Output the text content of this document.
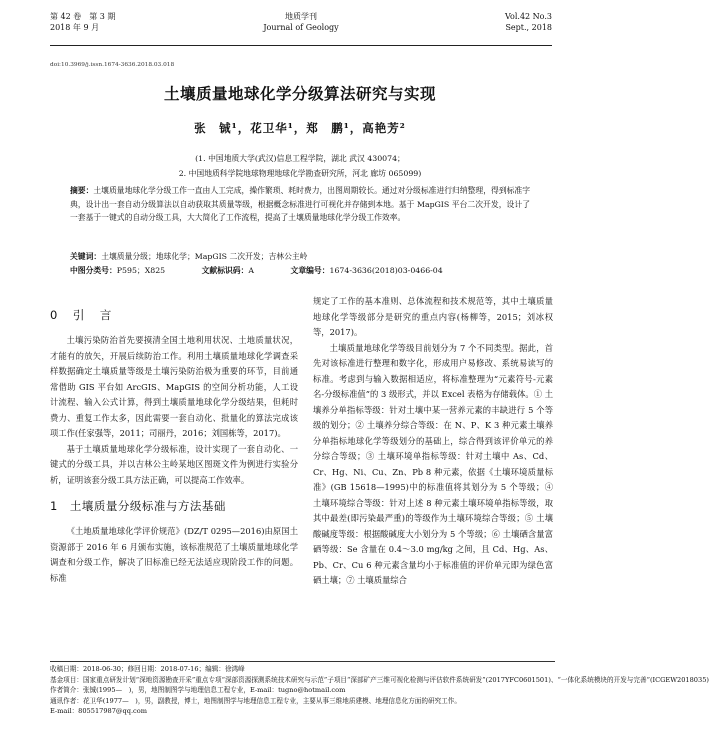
第 42 卷　第 3 期
2018 年 9 月
地质学刊
Journal of Geology
Vol.42 No.3
Sept., 2018
doi:10.3969/j.issn.1674-3636.2018.03.018
土壤质量地球化学分级算法研究与实现
张　铖¹，花卫华¹，郑　鹏¹，高艳芳²
(1. 中国地质大学(武汉)信息工程学院，湖北 武汉 430074；
2. 中国地质科学院地球物理地球化学勘查研究所，河北 廊坊 065099)
摘要：土壤质量地球化学分级工作一直由人工完成，操作繁琐、耗时费力，出图周期较长。通过对分级标准进行归纳整理，得到标准字典，设计出一套自动分级算法以自动获取其质量等级，根据概念标准进行可视化并存储到本地。基于 MapGIS 平台二次开发，设计了一套基于一键式的自动分级工具，大大简化了工作流程，提高了土壤质量地球化学分级工作效率。
关键词：土壤质量分级；地球化学；MapGIS 二次开发；吉林公主岭
中图分类号：P595；X825	文献标识码：A	文章编号：1674-3636(2018)03-0466-04
0　引　言

土壤污染防治首先要摸清全国土地利用状况、土地质量状况，才能有的放矢，开展后续防治工作。利用土壤质量地球化学调查采样数据确定土壤质量等级是土壤污染防治极为重要的环节，目前通常借助 GIS 平台如 ArcGIS、MapGIS 的空间分析功能，人工设计流程、输入公式计算，得到土壤质量地球化学分级结果，但耗时费力、重复工作太多，因此需要一套自动化、批量化的算法完成该项工作(任家强等，2011；司丽丹，2016；刘国栋等，2017)。

基于土壤质量地球化学分级标准，设计实现了一套自动化、一键式的分级工具，并以吉林公主岭某地区图斑文件为例进行实验分析，证明该套分级工具方法正确，可以提高工作效率。

1　土壤质量分级标准与方法基础

《土地质量地球化学评价规范》(DZ/T 0295—2016)由原国土资源部于 2016 年 6 月颁布实施，该标准规范了土壤质量地球化学调查和分级工作，解决了旧标准已经无法适应现阶段工作的问题。标准

规定了工作的基本准则、总体流程和技术规范等，其中土壤质量地球化学等级部分是研究的重点内容(杨柳等，2015；刘冰权等，2017)。

土壤质量地球化学等级目前划分为 7 个不同类型。据此，首先对该标准进行整理和数字化，形成用户易修改、系统易读写的标准。考虑到与输入数据相适应，将标准整理为“元素符号-元素名-分级标准值”的 3 级形式，并以 Excel 表格为存储载体。① 土壤养分单指标等级：针对土壤中某一营养元素的丰缺进行 5 个等级的划分；② 土壤养分综合等级：在 N、P、K 3 种元素土壤养分单指标地球化学等级划分的基础上，综合得到该评价单元的养分综合等级；③ 土壤环境单指标等级：针对土壤中 As、Cd、Cr、Hg、Ni、Cu、Zn、Pb 8 种元素，依据《土壤环境质量标准》(GB 15618—1995)中的标准值将其划分为 5 个等级；④ 土壤环境综合等级：针对上述 8 种元素土壤环境单指标等级，取其中最差(即污染最严重)的等级作为土壤环境综合等级；⑤ 土壤酸碱度等级：根据酸碱度大小划分为 5 个等级；⑥ 土壤硒含量富硒等级：Se 含量在 0.4～3.0 mg/kg 之间，且 Cd、Hg、As、Pb、Cr、Cu 6 种元素含量均小于标准值的评价单元即为绿色富硒土壤；⑦ 土壤质量综合

收稿日期：2018-06-30；修回日期：2018-07-16；编辑：徐鸿峰
基金项目：国家重点研发计划“深地资源勘查开采”重点专项“深部资源探测系统技术研究与示范”子项目“深部矿产三维可视化检测与评估软件系统研发”(2017YFC0601501)、“一体化系统模块的开发与完善”(ICGEW2018035)
作者简介：张铖(1995—　)，男，地图制图学与地理信息工程专业，E-mail：tugno@hotmail.com
通讯作者：花卫华(1977—　)，男，副教授，博士，地图制图学与地理信息工程专业，主要从事三维地质建模、地理信息化方面的研究工作。
E-mail：805517987@qq.com
